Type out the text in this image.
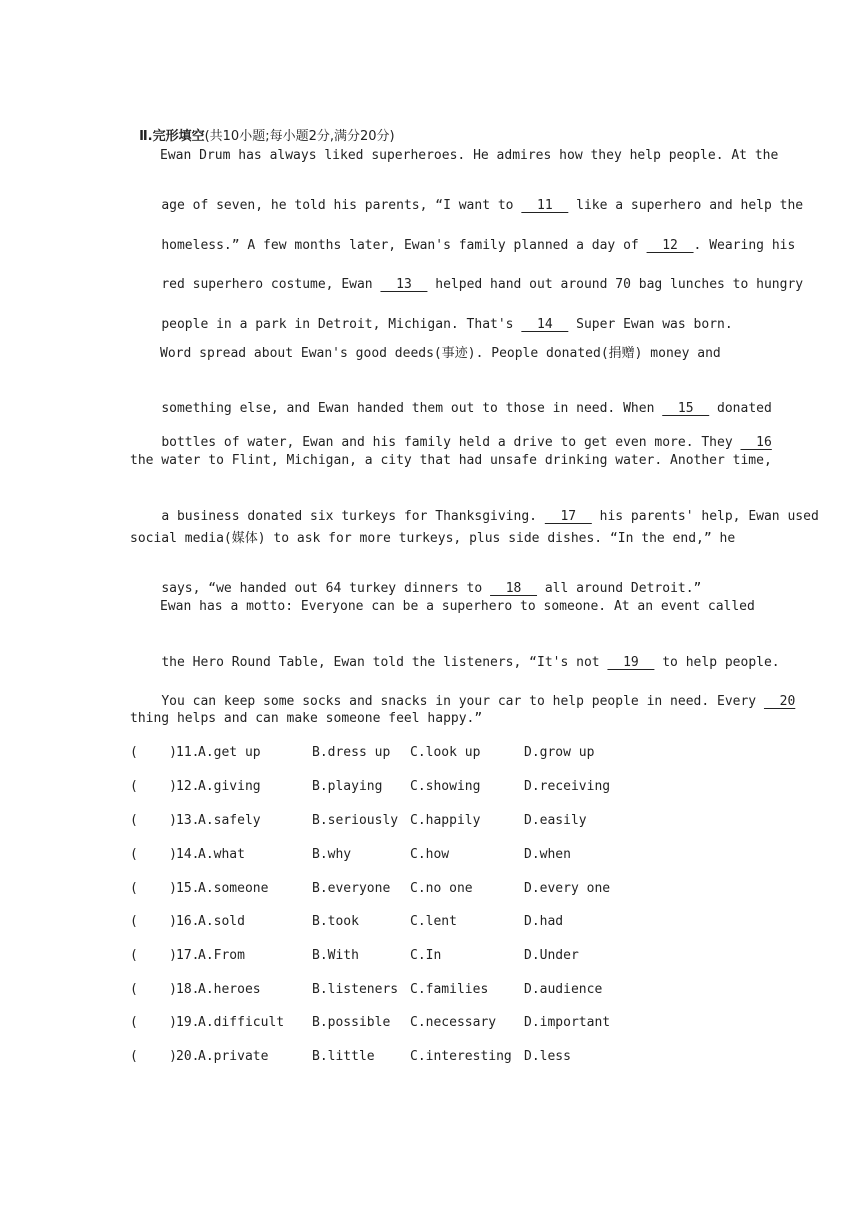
Ⅱ.完形填空(共10小题;每小题2分,满分20分)

Ewan Drum has always liked superheroes. He admires how they help people. At the

age of seven, he told his parents, “I want to   11   like a superhero and help the

homeless.” A few months later, Ewan's family planned a day of   12  . Wearing his

red superhero costume, Ewan   13   helped hand out around 70 bag lunches to hungry

people in a park in Detroit, Michigan. That's   14   Super Ewan was born.

Word spread about Ewan's good deeds(事迹). People donated(捐赠) money and

something else, and Ewan handed them out to those in need. When   15   donated

bottles of water, Ewan and his family held a drive to get even more. They   16

the water to Flint, Michigan, a city that had unsafe drinking water. Another time,

a business donated six turkeys for Thanksgiving.   17   his parents' help, Ewan used

social media(媒体) to ask for more turkeys, plus side dishes. “In the end,” he

says, “we handed out 64 turkey dinners to   18   all around Detroit.”

Ewan has a motto: Everyone can be a superhero to someone. At an event called

the Hero Round Table, Ewan told the listeners, “It's not   19   to help people.

You can keep some socks and snacks in your car to help people in need. Every   20

thing helps and can make someone feel happy.”
(    ) 11.
A.get up	B.dress up C.look up	D.grow up
(    ) 12.
A.giving	B.playing C.showing	D.receiving
(    ) 13.
A.safely	B.seriously C.happily	D.easily
(    ) 14.
A.what	B.why	C.how	D.when
(    ) 15.
A.someone	B.everyone C.no one	D.every one
(    ) 16.
A.sold	B.took	C.lent	D.had
(    ) 17.
A.From	B.With	C.In	D.Under
(    ) 18.
A.heroes	B.listeners C.families	D.audience
(    ) 19.
A.difficult B.possible C.necessary D.important
(    ) 20.
A.private	B.little	C.interesting D.less
